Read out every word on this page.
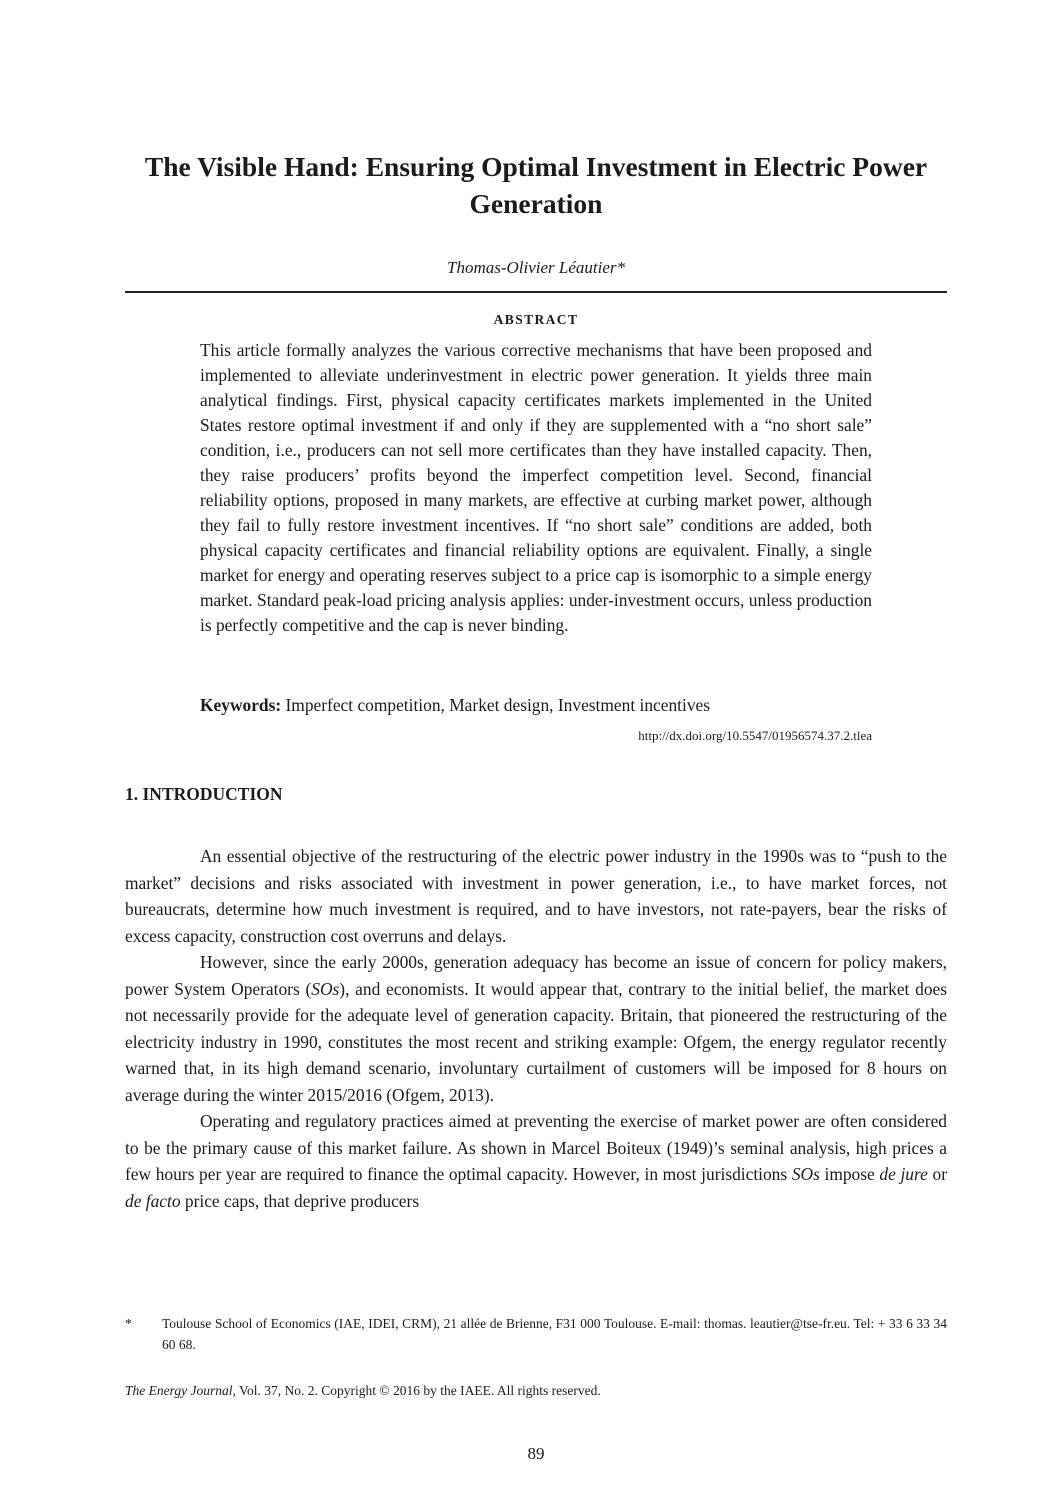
The Visible Hand: Ensuring Optimal Investment in Electric Power Generation
Thomas-Olivier Léautier*
ABSTRACT

This article formally analyzes the various corrective mechanisms that have been proposed and implemented to alleviate underinvestment in electric power generation. It yields three main analytical findings. First, physical capacity certificates markets implemented in the United States restore optimal investment if and only if they are supplemented with a “no short sale” condition, i.e., producers can not sell more certificates than they have installed capacity. Then, they raise producers’ profits beyond the imperfect competition level. Second, financial reliability options, proposed in many markets, are effective at curbing market power, although they fail to fully restore investment incentives. If “no short sale” conditions are added, both physical capacity certificates and financial reliability options are equivalent. Finally, a single market for energy and operating reserves subject to a price cap is isomorphic to a simple energy market. Standard peak-load pricing analysis applies: under-investment occurs, unless production is perfectly competitive and the cap is never binding.

Keywords: Imperfect competition, Market design, Investment incentives
http://dx.doi.org/10.5547/01956574.37.2.tlea
1. INTRODUCTION

An essential objective of the restructuring of the electric power industry in the 1990s was to “push to the market” decisions and risks associated with investment in power generation, i.e., to have market forces, not bureaucrats, determine how much investment is required, and to have investors, not rate-payers, bear the risks of excess capacity, construction cost overruns and delays.

However, since the early 2000s, generation adequacy has become an issue of concern for policy makers, power System Operators (SOs), and economists. It would appear that, contrary to the initial belief, the market does not necessarily provide for the adequate level of generation capacity. Britain, that pioneered the restructuring of the electricity industry in 1990, constitutes the most recent and striking example: Ofgem, the energy regulator recently warned that, in its high demand scenario, involuntary curtailment of customers will be imposed for 8 hours on average during the winter 2015/2016 (Ofgem, 2013).

Operating and regulatory practices aimed at preventing the exercise of market power are often considered to be the primary cause of this market failure. As shown in Marcel Boiteux (1949)’s seminal analysis, high prices a few hours per year are required to finance the optimal capacity. However, in most jurisdictions SOs impose de jure or de facto price caps, that deprive producers

* Toulouse School of Economics (IAE, IDEI, CRM), 21 allée de Brienne, F31 000 Toulouse. E-mail: thomas. leautier@tse-fr.eu. Tel: + 33 6 33 34 60 68.
The Energy Journal, Vol. 37, No. 2. Copyright © 2016 by the IAEE. All rights reserved.
89
